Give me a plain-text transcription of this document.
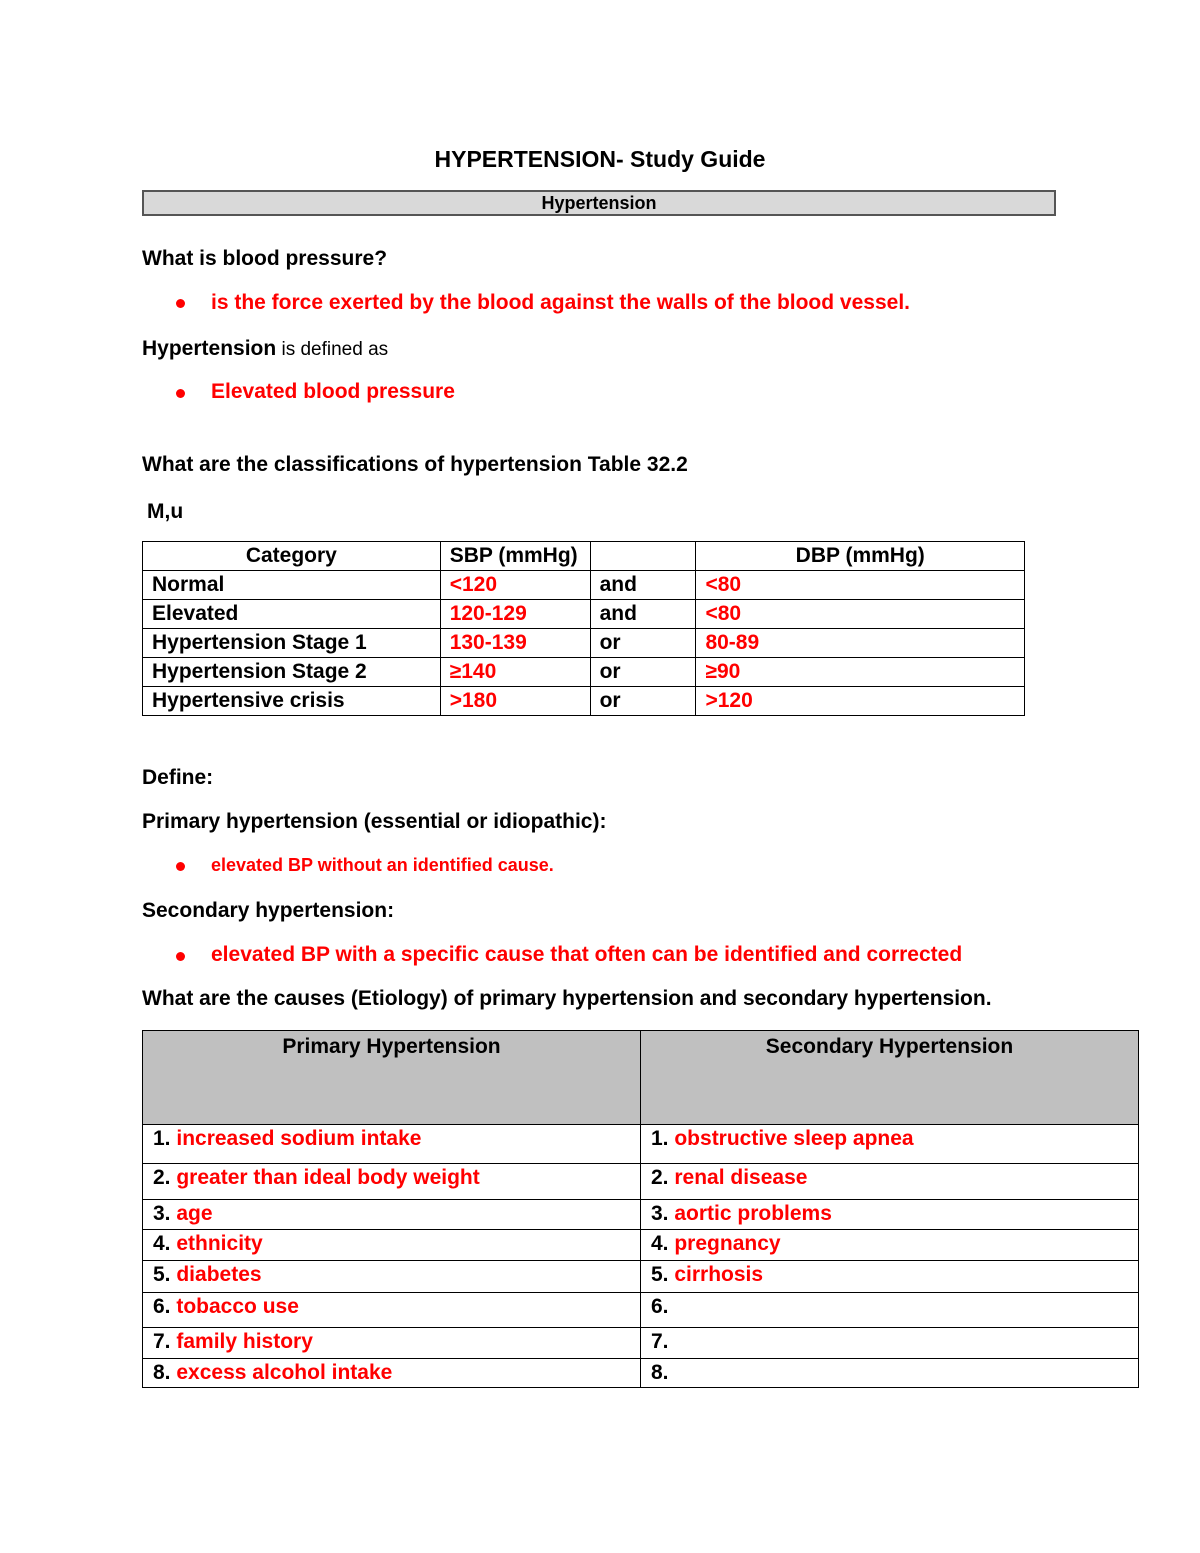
HYPERTENSION- Study Guide
Hypertension

What is blood pressure?

is the force exerted by the blood against the walls of the blood vessel.

Hypertension is defined as

Elevated blood pressure

What are the classifications of hypertension Table 32.2

M,u

Category	SBP (mmHg)		DBP (mmHg)
Normal	<120	and	<80
Elevated	120-129	and	<80
Hypertension Stage 1	130-139	or	80-89
Hypertension Stage 2	≥140	or	≥90
Hypertensive crisis	>180	or	>120

Define:

Primary hypertension (essential or idiopathic):

elevated BP without an identified cause.

Secondary hypertension:

elevated BP with a specific cause that often can be identified and corrected

What are the causes (Etiology) of primary hypertension and secondary hypertension.

Primary Hypertension	Secondary Hypertension
1. increased sodium intake	1. obstructive sleep apnea
2. greater than ideal body weight	2. renal disease
3. age	3. aortic problems
4. ethnicity	4. pregnancy
5. diabetes	5. cirrhosis
6. tobacco use	6.
7. family history	7.
8. excess alcohol intake	8.
